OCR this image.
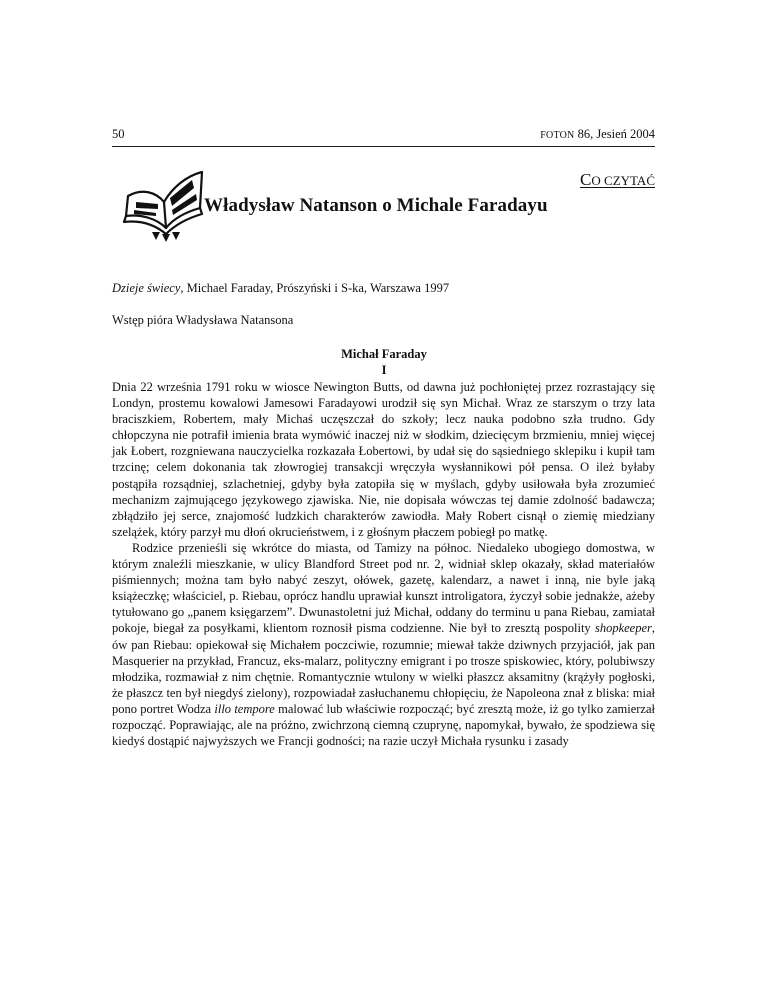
50	FOTON 86, Jesień 2004
CO CZYTAĆ
Władysław Natanson o Michale Faradayu
Dzieje świecy, Michael Faraday, Prószyński i S-ka, Warszawa 1997
Wstęp pióra Władysława Natansona
Michał Faraday
I

Dnia 22 września 1791 roku w wiosce Newington Butts, od dawna już pochłoniętej przez rozrastający się Londyn, prostemu kowalowi Jamesowi Faradayowi urodził się syn Michał. Wraz ze starszym o trzy lata braciszkiem, Robertem, mały Michaś uczęszczał do szkoły; lecz nauka podobno szła trudno. Gdy chłopczyna nie potrafił imienia brata wymówić inaczej niż w słodkim, dziecięcym brzmieniu, mniej więcej jak Łobert, rozgniewana nauczycielka rozkazała Łobertowi, by udał się do sąsiedniego sklepiku i kupił tam trzcinę; celem dokonania tak złowrogiej transakcji wręczyła wysłannikowi pół pensa. O ileż byłaby postąpiła rozsądniej, szlachetniej, gdyby była zatopiła się w myślach, gdyby usiłowała była zrozumieć mechanizm zajmującego językowego zjawiska. Nie, nie dopisała wówczas tej damie zdolność badawcza; zbłądziło jej serce, znajomość ludzkich charakterów zawiodła. Mały Robert cisnął o ziemię miedziany szelążek, który parzył mu dłoń okrucieństwem, i z głośnym płaczem pobiegł po matkę.

Rodzice przenieśli się wkrótce do miasta, od Tamizy na północ. Niedaleko ubogiego domostwa, w którym znaleźli mieszkanie, w ulicy Blandford Street pod nr. 2, widniał sklep okazały, skład materiałów piśmiennych; można tam było nabyć zeszyt, ołówek, gazetę, kalendarz, a nawet i inną, nie byle jaką książeczkę; właściciel, p. Riebau, oprócz handlu uprawiał kunszt introligatora, życzył sobie jednakże, ażeby tytułowano go „panem księgarzem”. Dwunastoletni już Michał, oddany do terminu u pana Riebau, zamiatał pokoje, biegał za posyłkami, klientom roznosił pisma codzienne. Nie był to zresztą pospolity shopkeeper, ów pan Riebau: opiekował się Michałem poczciwie, rozumnie; miewał także dziwnych przyjaciół, jak pan Masquerier na przykład, Francuz, eks-malarz, polityczny emigrant i po trosze spiskowiec, który, polubiwszy młodzika, rozmawiał z nim chętnie. Romantycznie wtulony w wielki płaszcz aksamitny (krążyły pogłoski, że płaszcz ten był niegdyś zielony), rozpowiadał zasłuchanemu chłopięciu, że Napoleona znał z bliska: miał pono portret Wodza illo tempore malować lub właściwie rozpocząć; być zresztą może, iż go tylko zamierzał rozpocząć. Poprawiając, ale na próżno, zwichrzoną ciemną czuprynę, napomykał, bywało, że spodziewa się kiedyś dostąpić najwyższych we Francji godności; na razie uczył Michała rysunku i zasady
